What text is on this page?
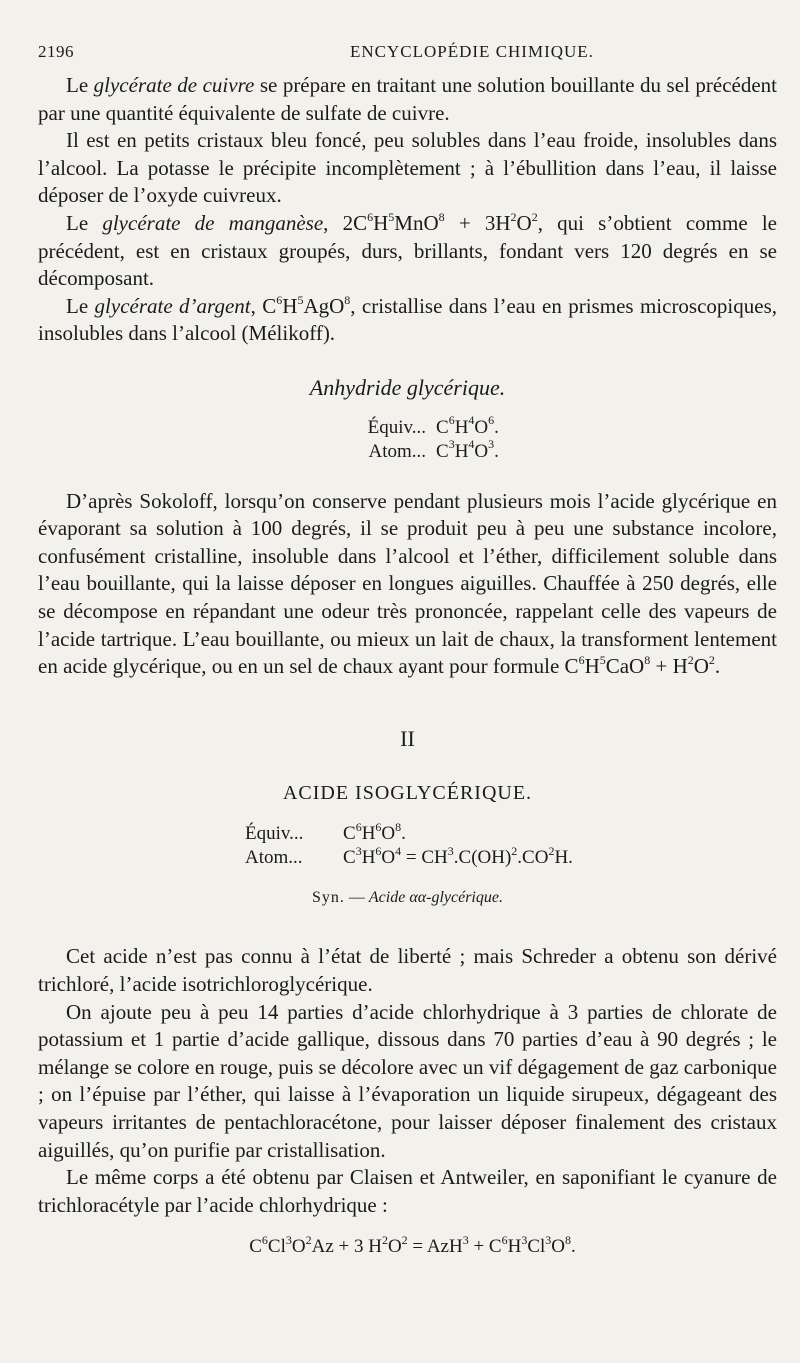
2196	ENCYCLOPÉDIE CHIMIQUE.

Le glycérate de cuivre se prépare en traitant une solution bouillante du sel précédent par une quantité équivalente de sulfate de cuivre.

Il est en petits cristaux bleu foncé, peu solubles dans l’eau froide, insolubles dans l’alcool. La potasse le précipite incomplètement ; à l’ébullition dans l’eau, il laisse déposer de l’oxyde cuivreux.

Le glycérate de manganèse, $2C^6H^5MnO^8 + 3H^2O^2$, qui s’obtient comme le précédent, est en cristaux groupés, durs, brillants, fondant vers 120 degrés en se décomposant.

Le glycérate d’argent, $C^6H^5AgO^8$, cristallise dans l’eau en prismes microscopiques, insolubles dans l’alcool (Mélikoff).

Anhydride glycérique.
Équiv... $C^6H^4O^6$.
Atom... $C^3H^4O^3$.

D’après Sokoloff, lorsqu’on conserve pendant plusieurs mois l’acide glycérique en évaporant sa solution à 100 degrés, il se produit peu à peu une substance incolore, confusément cristalline, insoluble dans l’alcool et l’éther, difficilement soluble dans l’eau bouillante, qui la laisse déposer en longues aiguilles. Chauffée à 250 degrés, elle se décompose en répandant une odeur très prononcée, rappelant celle des vapeurs de l’acide tartrique. L’eau bouillante, ou mieux un lait de chaux, la transforment lentement en acide glycérique, ou en un sel de chaux ayant pour formule $C^6H^5CaO^8 + H^2O^2$.

II
ACIDE ISOGLYCÉRIQUE.
Équiv...	$C^6H^6O^8$.
Atom...	$C^3H^6O^4 = CH^3.C(OH)^2.CO^2H$.
Syn. — Acide αα-glycérique.

Cet acide n’est pas connu à l’état de liberté ; mais Schreder a obtenu son dérivé trichloré, l’acide isotrichloroglycérique.

On ajoute peu à peu 14 parties d’acide chlorhydrique à 3 parties de chlorate de potassium et 1 partie d’acide gallique, dissous dans 70 parties d’eau à 90 degrés ; le mélange se colore en rouge, puis se décolore avec un vif dégagement de gaz carbonique ; on l’épuise par l’éther, qui laisse à l’évaporation un liquide sirupeux, dégageant des vapeurs irritantes de pentachloracétone, pour laisser déposer finalement des cristaux aiguillés, qu’on purifie par cristallisation.

Le même corps a été obtenu par Claisen et Antweiler, en saponifiant le cyanure de trichloracétyle par l’acide chlorhydrique :

$C^6Cl^3O^2Az + 3$ $H^2O^2 = AzH^3 + C^6H^3Cl^3O^8$.
